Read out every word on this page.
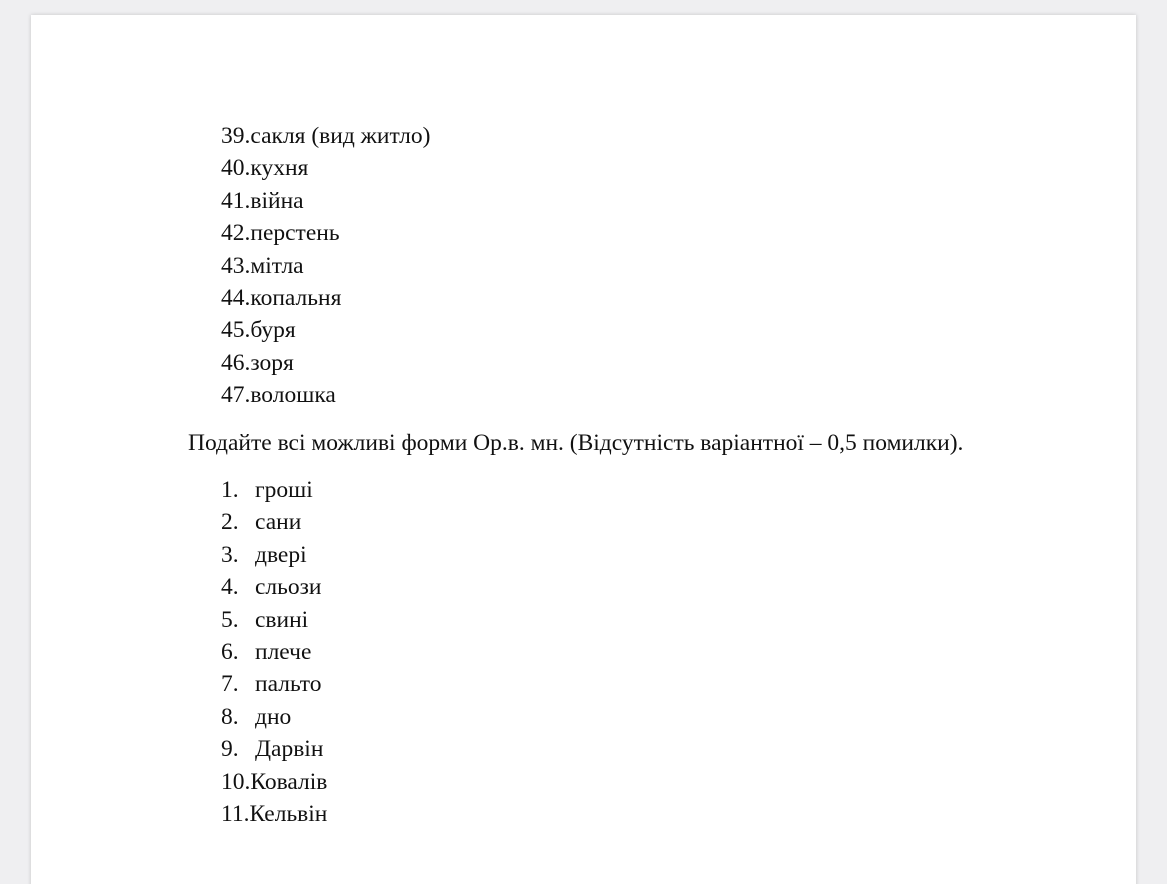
39. сакля (вид житло)
40. кухня
41. війна
42. перстень
43. мітла
44. копальня
45. буря
46. зоря
47. волошка

Подайте всі можливі форми Ор.в. мн. (Відсутність варіантної – 0,5 помилки).

1. гроші
2. сани
3. двері
4. сльози
5. свині
6. плече
7. пальто
8. дно
9. Дарвін
10. Ковалів
11. Кельвін
